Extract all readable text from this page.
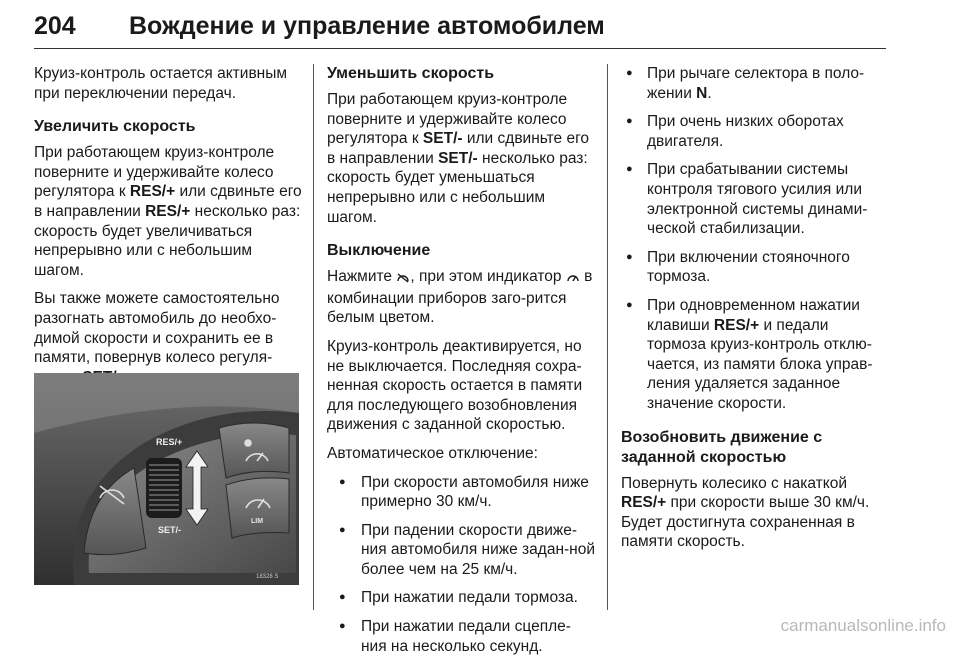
204 Вождение и управление автомобилем

Круиз-контроль остается активным при переключении передач.

Увеличить скорость

При работающем круиз-контроле поверните и удерживайте колесо регулятора к RES/+ или сдвиньте его в направлении RES/+ несколько раз: скорость будет увеличиваться непрерывно или с небольшим шагом.

Вы также можете самостоятельно разогнать автомобиль до необхо-димой скорости и сохранить ее в памяти, повернув колесо регуля-

RES/+
SET/-
LIM
18328 S
Уменьшить скорость

При работающем круиз-контроле поверните и удерживайте колесо регулятора к SET/- или сдвиньте его в направлении SET/- несколько раз: скорость будет уменьшаться непрерывно или с небольшим шагом.

Выключение

Нажмите , при этом индикатор  в комбинации приборов заго-рится белым цветом.

Круиз-контроль деактивируется, но не выключается. Последняя сохра-ненная скорость остается в памяти для последующего возобновления движения с заданной скоростью.

Автоматическое отключение:

● При скорости автомобиля ниже примерно 30 км/ч.
● При падении скорости движе-ния автомобиля ниже задан-ной более чем на 25 км/ч.
● При нажатии педали тормоза.
● При нажатии педали сцепле-ния на несколько секунд.
● При рычаге селектора в поло-жении N.
● При очень низких оборотах двигателя.
● При срабатывании системы контроля тягового усилия или электронной системы динами-ческой стабилизации.
● При включении стояночного тормоза.
● При одновременном нажатии клавиши RES/+ и педали тормоза круиз-контроль отклю-чается, из памяти блока управ-ления удаляется заданное значение скорости.
Возобновить движение с заданной скоростью

Повернуть колесико с накаткой RES/+ при скорости выше 30 км/ч. Будет достигнута сохраненная в памяти скорость.

carmanualsonline.info
